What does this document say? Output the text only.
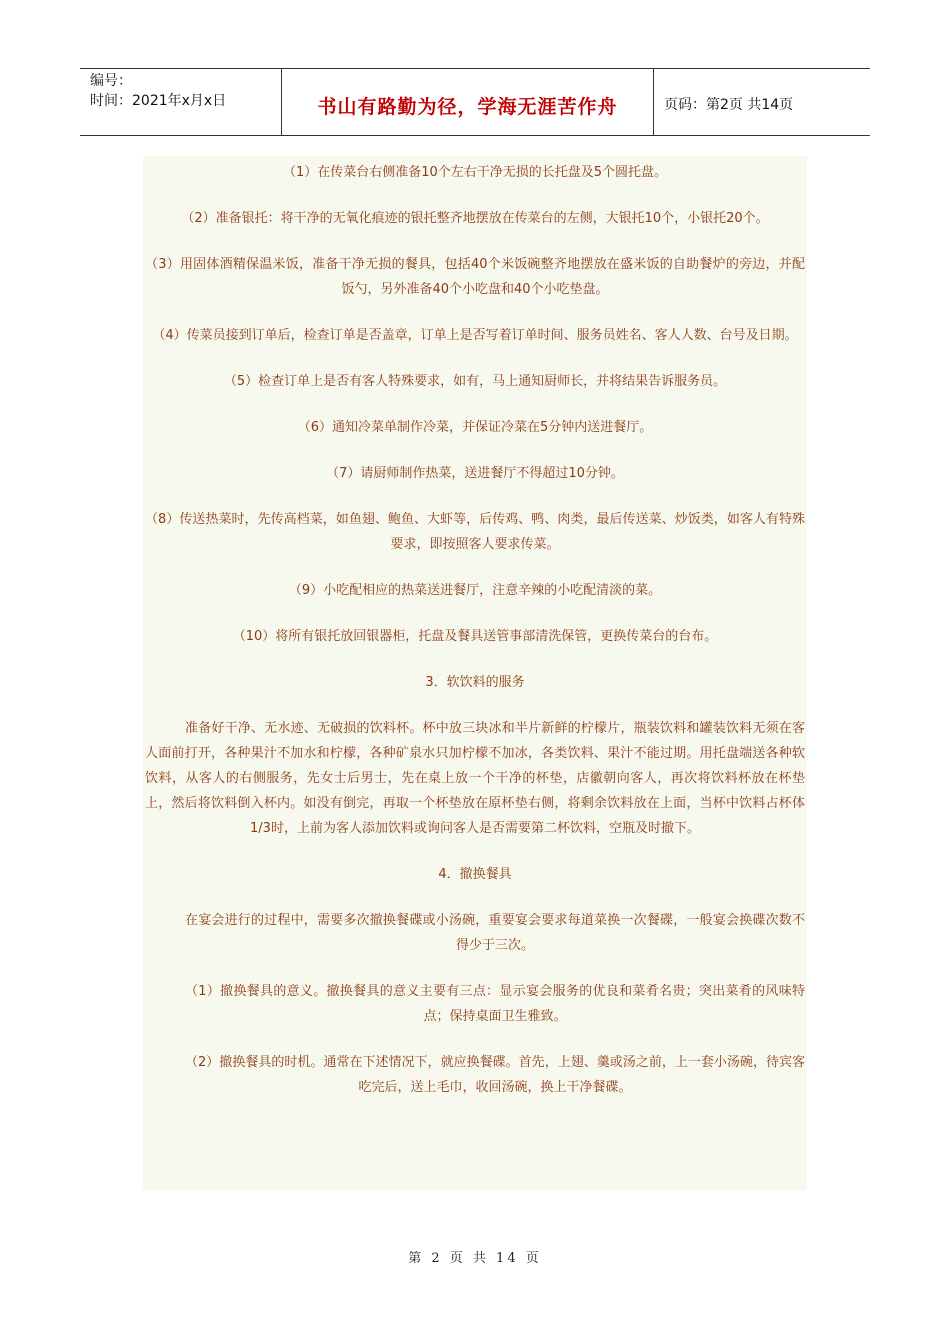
编号：
时间：2021年x月x日	书山有路勤为径，学海无涯苦作舟	页码：第2页 共14页

（1）在传菜台右侧准备10个左右干净无损的长托盘及5个圆托盘。

（2）准备银托：将干净的无氧化痕迹的银托整齐地摆放在传菜台的左侧，大银托10个，小银托20个。

（3）用固体酒精保温米饭，准备干净无损的餐具，包括40个米饭碗整齐地摆放在盛米饭的自助餐炉的旁边，并配饭勺，另外准备40个小吃盘和40个小吃垫盘。

（4）传菜员接到订单后，检查订单是否盖章，订单上是否写着订单时间、服务员姓名、客人人数、台号及日期。

（5）检查订单上是否有客人特殊要求，如有，马上通知厨师长，并将结果告诉服务员。

（6）通知冷菜单制作冷菜，并保证冷菜在5分钟内送进餐厅。

（7）请厨师制作热菜，送进餐厅不得超过10分钟。

（8）传送热菜时，先传高档菜，如鱼翅、鲍鱼、大虾等，后传鸡、鸭、肉类，最后传送菜、炒饭类，如客人有特殊要求，即按照客人要求传菜。

（9）小吃配相应的热菜送进餐厅，注意辛辣的小吃配清淡的菜。

（10）将所有银托放回银器柜，托盘及餐具送管事部清洗保管，更换传菜台的台布。

3．软饮料的服务

准备好干净、无水迹、无破损的饮料杯。杯中放三块冰和半片新鲜的柠檬片，瓶装饮料和罐装饮料无须在客人面前打开，各种果汁不加水和柠檬，各种矿泉水只加柠檬不加冰，各类饮料、果汁不能过期。用托盘端送各种软饮料，从客人的右侧服务，先女士后男士，先在桌上放一个干净的杯垫，店徽朝向客人，再次将饮料杯放在杯垫上，然后将饮料倒入杯内。如没有倒完，再取一个杯垫放在原杯垫右侧，将剩余饮料放在上面，当杯中饮料占杯体1/3时，上前为客人添加饮料或询问客人是否需要第二杯饮料，空瓶及时撤下。

4．撤换餐具

在宴会进行的过程中，需要多次撤换餐碟或小汤碗，重要宴会要求每道菜换一次餐碟，一般宴会换碟次数不得少于三次。

（1）撤换餐具的意义。撤换餐具的意义主要有三点：显示宴会服务的优良和菜肴名贵；突出菜肴的风味特点；保持桌面卫生雅致。

（2）撤换餐具的时机。通常在下述情况下，就应换餐碟。首先，上翅、羹或汤之前，上一套小汤碗，待宾客吃完后，送上毛巾，收回汤碗，换上干净餐碟。

第 2 页 共 14 页
